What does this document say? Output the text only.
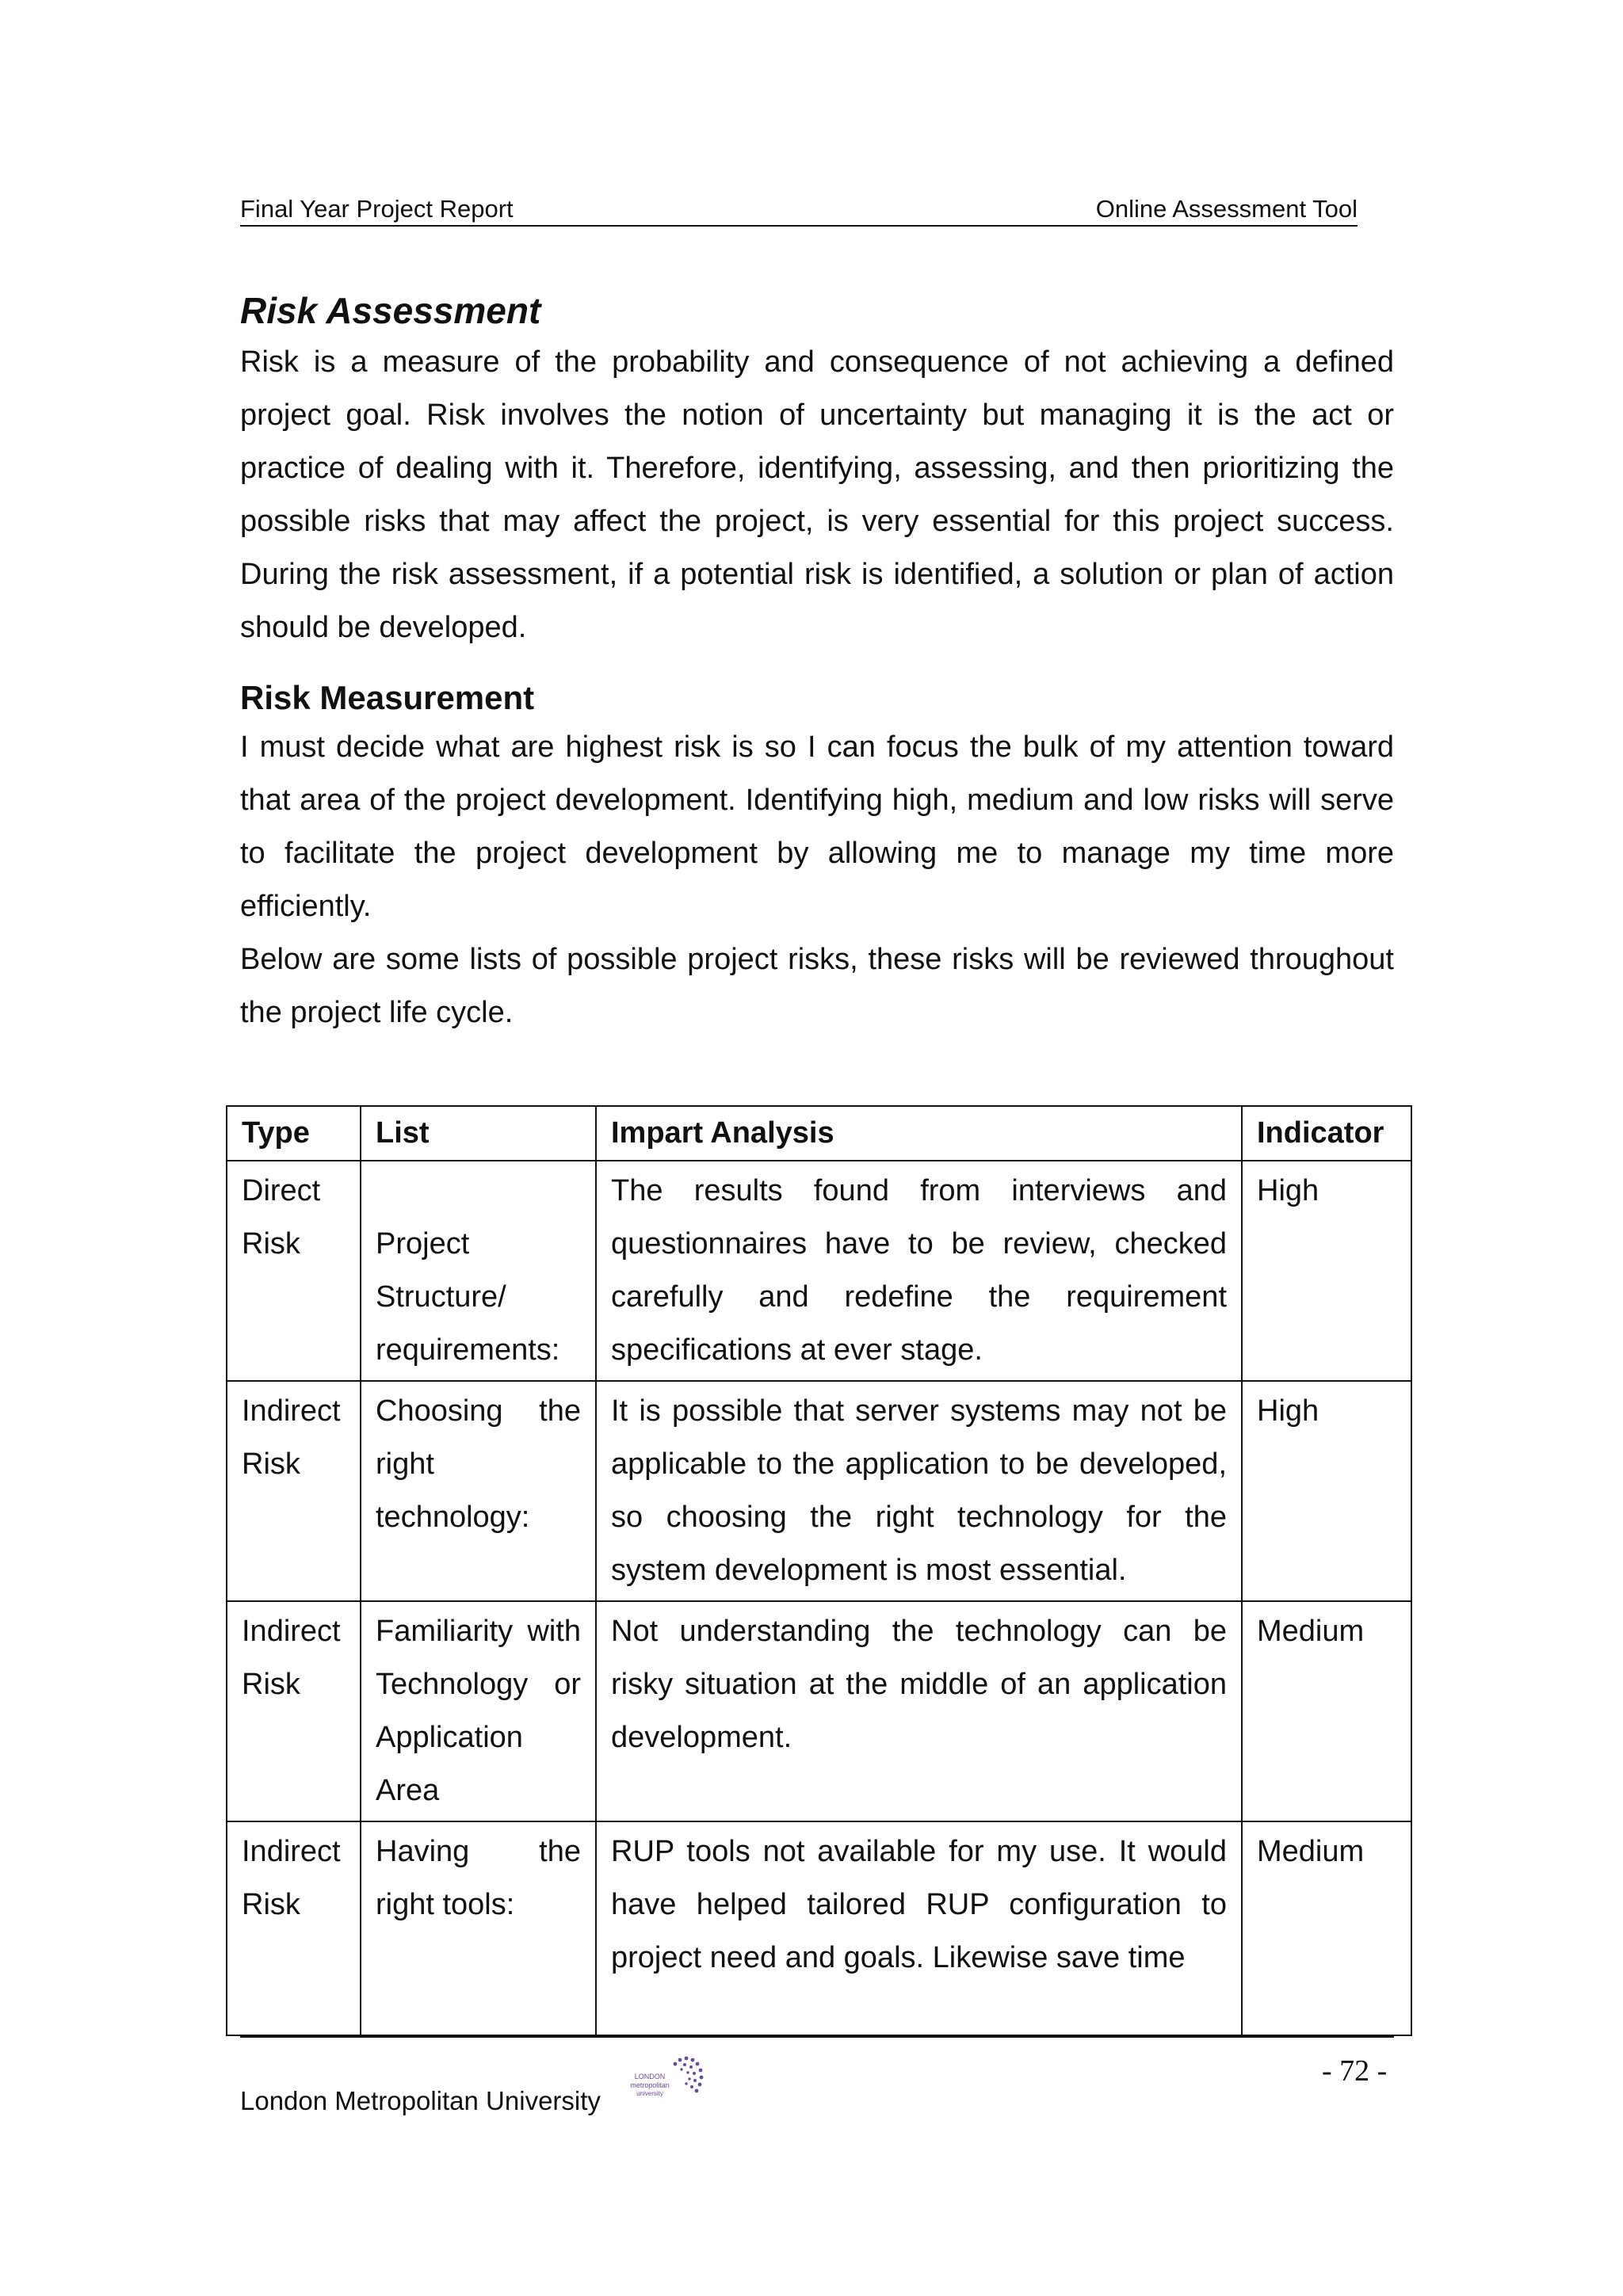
Final Year Project Report	Online Assessment Tool
Risk Assessment

Risk is a measure of the probability and consequence of not achieving a defined project goal. Risk involves the notion of uncertainty but managing it is the act or practice of dealing with it. Therefore, identifying, assessing, and then prioritizing the possible risks that may affect the project, is very essential for this project success. During the risk assessment, if a potential risk is identified, a solution or plan of action should be developed.

Risk Measurement

I must decide what are highest risk is so I can focus the bulk of my attention toward that area of the project development. Identifying high, medium and low risks will serve to facilitate the project development by allowing me to manage my time more efficiently.

Below are some lists of possible project risks, these risks will be reviewed throughout the project life cycle.

Type	List	Impart Analysis	Indicator
Direct Risk	Project Structure/ requirements:	The results found from interviews and questionnaires have to be review, checked carefully and redefine the requirement specifications at ever stage.	High
Indirect Risk	Choosing the right technology:	It is possible that server systems may not be applicable to the application to be developed, so choosing the right technology for the system development is most essential.	High
Indirect Risk	Familiarity with Technology or Application Area	Not understanding the technology can be risky situation at the middle of an application development.	Medium
Indirect Risk	Having the right tools:	RUP tools not available for my use. It would have helped tailored RUP configuration to project need and goals. Likewise save time	Medium
London Metropolitan University
LONDON
metropolitan
university
- 72 -
